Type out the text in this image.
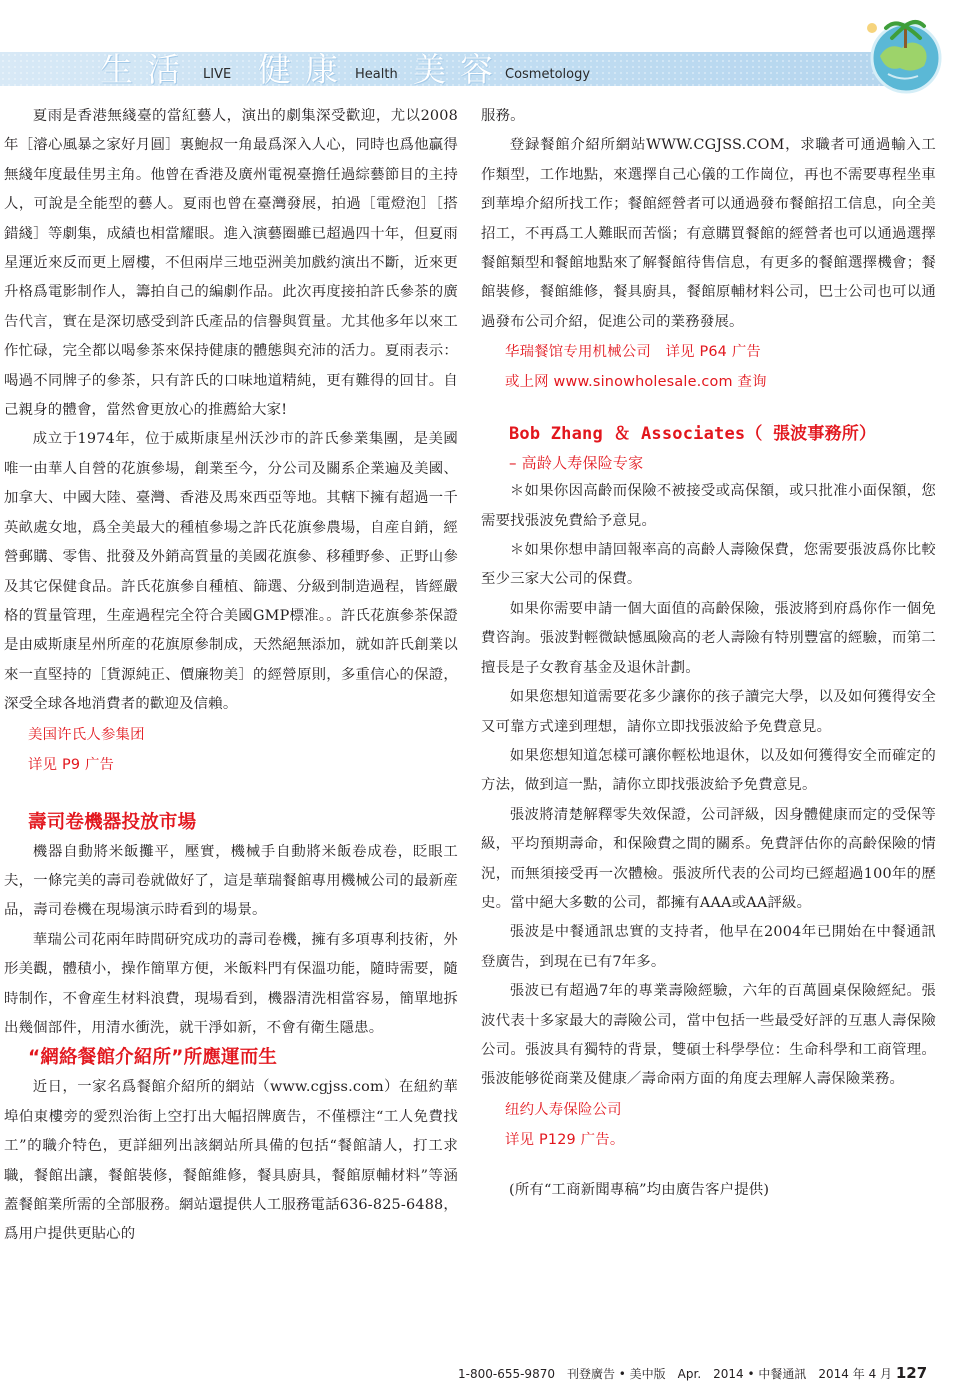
生活 LIVE 健康 Health 美容
Cosmetology

夏雨是香港無綫臺的當紅藝人，演出的劇集深受歡迎，尤以2008年［濬心風暴之家好月圓］裏鮑叔一角最爲深入人心，同時也爲他贏得無綫年度最佳男主角。他曾在香港及廣州電視臺擔任過綜藝節目的主持人，可說是全能型的藝人。夏雨也曾在臺灣發展，拍過［電燈泡］［搭錯綫］等劇集，成績也相當耀眼。進入演藝圈雖已超過四十年，但夏雨星運近來反而更上層樓，不但兩岸三地亞洲美加戲約演出不斷，近來更升格爲電影制作人，籌拍自己的編劇作品。此次再度接拍許氏參茶的廣告代言，實在是深切感受到許氏產品的信譽與質量。尤其他多年以來工作忙碌，完全都以喝參茶來保持健康的體態與充沛的活力。夏雨表示：喝過不同牌子的參茶，只有許氏的口味地道精純，更有難得的回甘。自己親身的體會，當然會更放心的推薦給大家!

成立于1974年，位于威斯康星州沃沙市的許氏參業集團，是美國唯一由華人自營的花旗參場，創業至今，分公司及關系企業遍及美國、加拿大、中國大陸、臺灣、香港及馬來西亞等地。其轄下擁有超過一千英畝處女地，爲全美最大的種植參場之許氏花旗參農場，自産自銷，經營郵購、零售、批發及外銷高質量的美國花旗參、移種野參、正野山參及其它保健食品。許氏花旗參自種植、篩選、分級到制造過程，皆經嚴格的質量管理，生産過程完全符合美國GMP標准。。許氏花旗參茶保證是由威斯康星州所産的花旗原參制成，天然絕無添加，就如許氏創業以來一直堅持的［貨源純正、價廉物美］的經營原則，多重信心的保證，深受全球各地消費者的歡迎及信賴。

美国许氏人参集团

详见 P9 广告

壽司卷機器投放市場

機器自動將米飯攤平，壓實，機械手自動將米飯卷成卷，眨眼工夫，一條完美的壽司卷就做好了，這是華瑞餐館專用機械公司的最新産品，壽司卷機在現場演示時看到的場景。

華瑞公司花兩年時間研究成功的壽司卷機，擁有多項專利技術，外形美觀，體積小，操作簡單方便，米飯料門有保溫功能，隨時需要，隨時制作，不會産生材料浪費，現場看到，機器清洗相當容易，簡單地拆出幾個部件，用清水衝洗，就干淨如新，不會有衛生隱患。

“網絡餐館介紹所”所應運而生

近日，一家名爲餐館介紹所的網站（www.cgjss.com）在紐約華埠伯東樓旁的愛烈治街上空打出大幅招牌廣告，不僅標注“工人免費找工”的職介特色，更詳細列出該網站所具備的包括“餐館請人，打工求職，餐館出讓，餐館裝修，餐館維修，餐具廚具，餐館原輔材料”等涵蓋餐館業所需的全部服務。網站還提供人工服務電話636-825-6488，爲用户提供更貼心的

服務。

登録餐館介紹所網站WWW.CGJSS.COM，求職者可通過輸入工作類型，工作地點，來選擇自己心儀的工作崗位，再也不需要專程坐車到華埠介紹所找工作；餐館經營者可以通過發布餐館招工信息，向全美招工，不再爲工人難眠而苦惱；有意購買餐館的經營者也可以通過選擇餐館類型和餐館地點來了解餐館待售信息，有更多的餐館選擇機會；餐館裝修，餐館維修，餐具廚具，餐館原輔材料公司，巴士公司也可以通過發布公司介紹，促進公司的業務發展。

华瑞餐馆专用机械公司　详见 P64 广告

或上网 www.sinowholesale.com 查询

Bob Zhang ＆ Associates（ 張波事務所）

– 高龄人寿保险专家

＊如果你因高齡而保險不被接受或高保額，或只批准小面保額，您需要找張波免費給予意見。

＊如果你想申請回報率高的高齡人壽險保費，您需要張波爲你比較至少三家大公司的保費。

如果你需要申請一個大面值的高齡保險，張波將到府爲你作一個免費咨詢。張波對輕微缺憾風險高的老人壽險有特別豐富的經驗，而第二擅長是子女教育基金及退休計劃。

如果您想知道需要花多少讓你的孩子讀完大學，以及如何獲得安全又可靠方式達到理想，請你立即找張波給予免費意見。

如果您想知道怎樣可讓你輕松地退休，以及如何獲得安全而確定的方法，做到這一點，請你立即找張波給予免費意見。

張波將清楚解釋零失效保證，公司評級，因身體健康而定的受保等級，平均預期壽命，和保險費之間的關系。免費評估你的高齡保險的情況，而無須接受再一次體檢。張波所代表的公司均已經超過100年的歷史。當中絕大多數的公司，都擁有AAA或AA評級。

張波是中餐通訊忠實的支持者，他早在2004年已開始在中餐通訊登廣告，到現在已有7年多。

張波已有超過7年的專業壽險經驗，六年的百萬圓桌保險經紀。張波代表十多家最大的壽險公司，當中包括一些最受好評的互惠人壽保險公司。張波具有獨特的背景，雙碩士科學學位：生命科學和工商管理。張波能够從商業及健康／壽命兩方面的角度去理解人壽保險業務。

纽约人寿保险公司

详见 P129 广告。

(所有“工商新聞專稿”均由廣告客户提供)

1-800-655-9870　刊登廣告 • 美中版　Apr.　2014 • 中餐通訊　2014 年 4 月 127
